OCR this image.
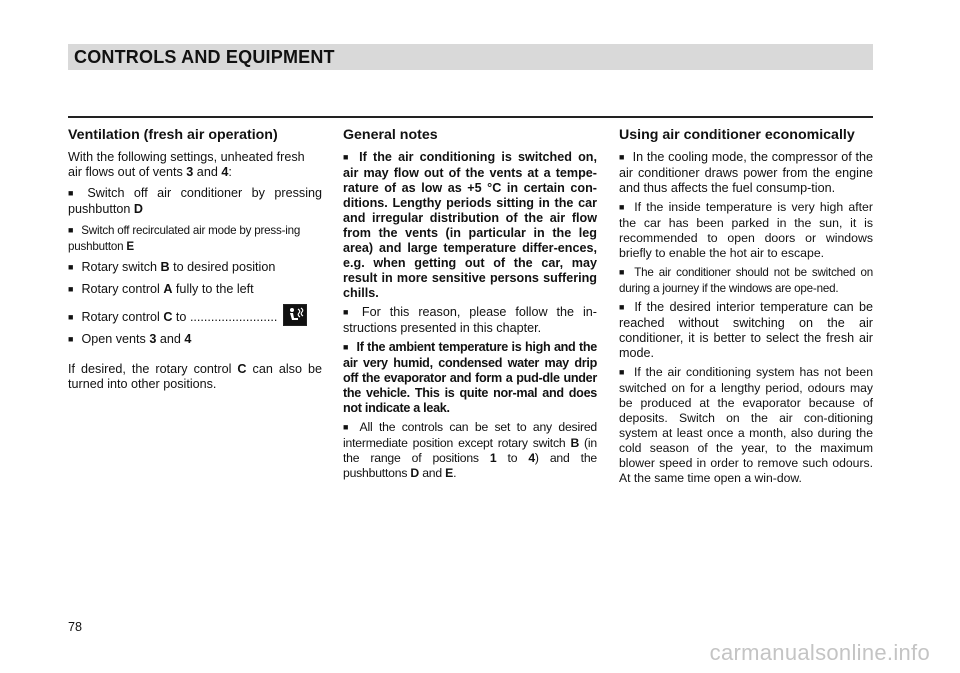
CONTROLS AND EQUIPMENT
Ventilation (fresh air operation)

With the following settings, unheated fresh air flows out of vents 3 and 4:

■ Switch off air conditioner by pressing pushbutton D

■ Switch off recirculated air mode by press-ing pushbutton E

■ Rotary switch B to desired position

■ Rotary control A fully to the left

■ Rotary control C to .........................

■ Open vents 3 and 4

If desired, the rotary control C can also be turned into other positions.

General notes

■ If the air conditioning is switched on, air may flow out of the vents at a tempe-rature of as low as +5 °C in certain con-ditions. Lengthy periods sitting in the car and irregular distribution of the air flow from the vents (in particular in the leg area) and large temperature differ-ences, e.g. when getting out of the car, may result in more sensitive persons suffering chills.

■ For this reason, please follow the in-structions presented in this chapter.

■ If the ambient temperature is high and the air very humid, condensed water may drip off the evaporator and form a pud-dle under the vehicle. This is quite nor-mal and does not indicate a leak.

■ All the controls can be set to any desired intermediate position except rotary switch B (in the range of positions 1 to 4) and the pushbuttons D and E.

Using air conditioner economically

■ In the cooling mode, the compressor of the air conditioner draws power from the engine and thus affects the fuel consump-tion.

■ If the inside temperature is very high after the car has been parked in the sun, it is recommended to open doors or windows briefly to enable the hot air to escape.

■ The air conditioner should not be switched on during a journey if the windows are ope-ned.

■ If the desired interior temperature can be reached without switching on the air conditioner, it is better to select the fresh air mode.

■ If the air conditioning system has not been switched on for a lengthy period, odours may be produced at the evaporator because of deposits. Switch on the air con-ditioning system at least once a month, also during the cold season of the year, to the maximum blower speed in order to remove such odours. At the same time open a win-dow.

78
carmanualsonline.info
